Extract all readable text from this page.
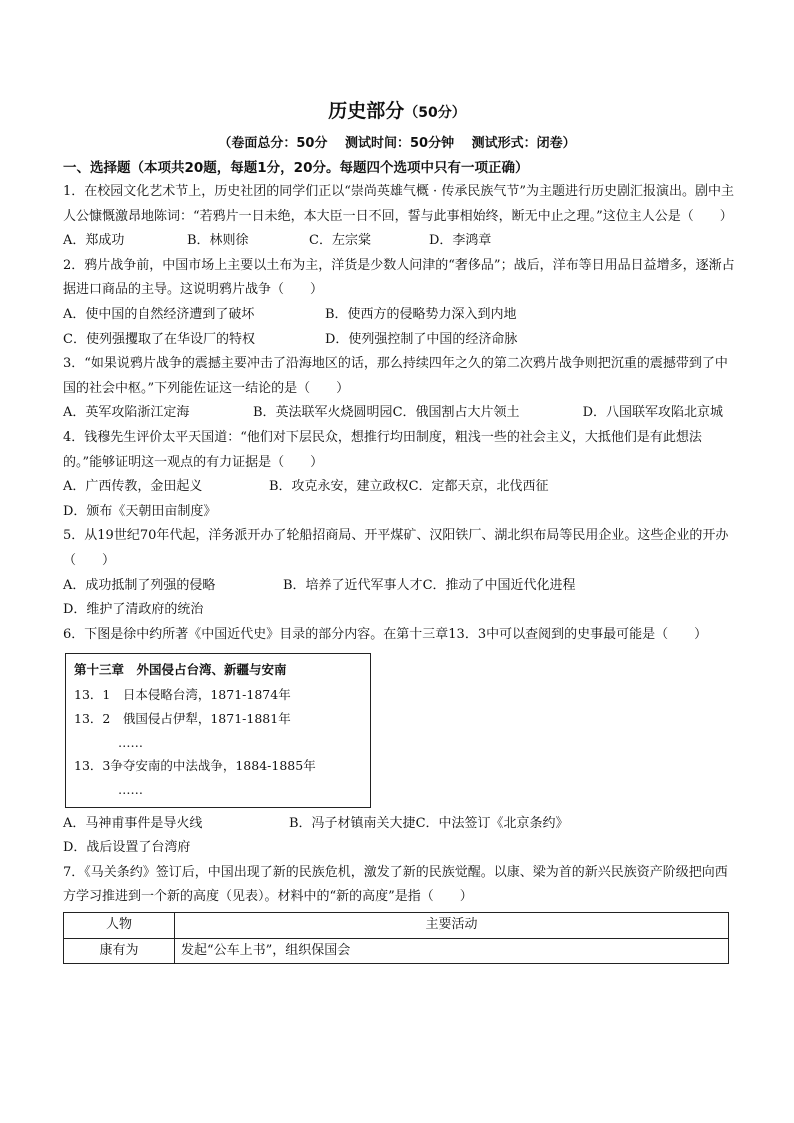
历史部分（50分）
（卷面总分：50分　 测试时间：50分钟　 测试形式：闭卷）
一、选择题（本项共20题，每题1分，20分。每题四个选项中只有一项正确）

1．在校园文化艺术节上，历史社团的同学们正以“崇尚英雄气概 · 传承民族气节”为主题进行历史剧汇报演出。剧中主人公慷慨激昂地陈词：“若鸦片一日未绝，本大臣一日不回，誓与此事相始终，断无中止之理。”这位主人公是（　　）

A．郑成功	B．林则徐	C．左宗棠	D．李鸿章

2．鸦片战争前，中国市场上主要以土布为主，洋货是少数人问津的“奢侈品”；战后，洋布等日用品日益增多，逐渐占据进口商品的主导。这说明鸦片战争（　　）

A．使中国的自然经济遭到了破坏	B．使西方的侵略势力深入到内地
C．使列强攫取了在华设厂的特权	D．使列强控制了中国的经济命脉

3．“如果说鸦片战争的震撼主要冲击了沿海地区的话，那么持续四年之久的第二次鸦片战争则把沉重的震撼带到了中国的社会中枢。”下列能佐证这一结论的是（　　）

A．英军攻陷浙江定海	B．英法联军火烧圆明园 C．俄国割占大片领土	D．八国联军攻陷北京城

4．钱穆先生评价太平天国道：“他们对下层民众，想推行均田制度，粗浅一些的社会主义，大抵他们是有此想法的。”能够证明这一观点的有力证据是（　　）

A．广西传教，金田起义	B．攻克永安，建立政权 C．定都天京，北伐西征
D．颁布《天朝田亩制度》

5．从19世纪70年代起，洋务派开办了轮船招商局、开平煤矿、汉阳铁厂、湖北织布局等民用企业。这些企业的开办（　　）

A．成功抵制了列强的侵略	B．培养了近代军事人才 C．推动了中国近代化进程
D．维护了清政府的统治

6．下图是徐中约所著《中国近代史》目录的部分内容。在第十三章13．3中可以查阅到的史事最可能是（　　）

第十三章　外国侵占台湾、新疆与安南
13．1　日本侵略台湾，1871-1874年
13．2　俄国侵占伊犁，1871-1881年
……
13．3争夺安南的中法战争，1884-1885年
……
A．马神甫事件是导火线	B．冯子材镇南关大捷 C．中法签订《北京条约》
D．战后设置了台湾府

7．《马关条约》签订后，中国出现了新的民族危机，激发了新的民族觉醒。以康、梁为首的新兴民族资产阶级把向西方学习推进到一个新的高度（见表）。材料中的“新的高度”是指（　　）

人物	主要活动
康有为	发起“公车上书”，组织保国会
